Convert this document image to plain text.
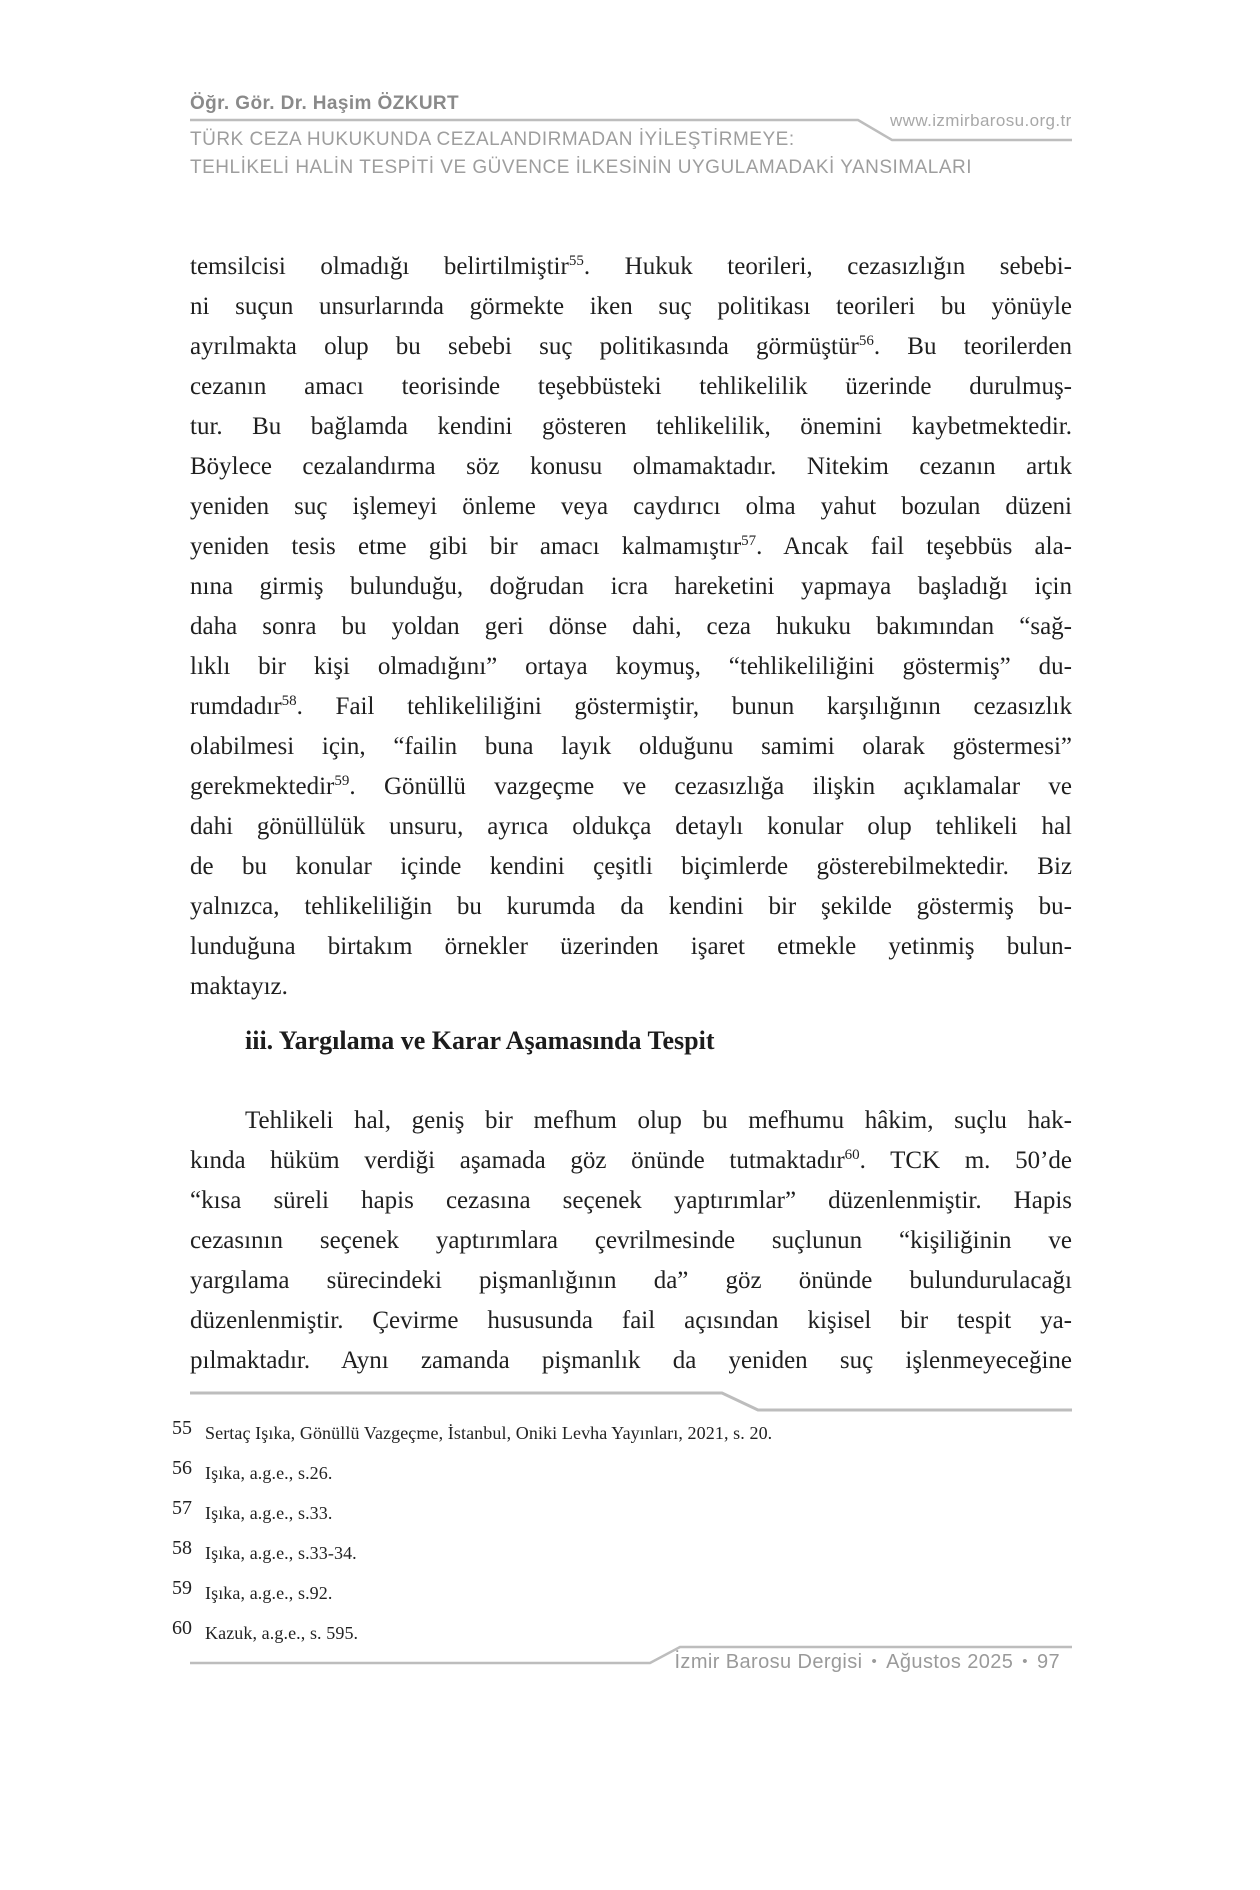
Öğr. Gör. Dr. Haşim ÖZKURT
www.izmirbarosu.org.tr
TÜRK CEZA HUKUKUNDA CEZALANDIRMADAN İYİLEŞTİRMEYE:
TEHLİKELİ HALİN TESPİTİ VE GÜVENCE İLKESİNİN UYGULAMADAKİ YANSIMALARI
temsilcisi olmadığı belirtilmiştir$^{55}$. Hukuk teorileri, cezasızlığın sebebi-
ni suçun unsurlarında görmekte iken suç politikası teorileri bu yönüyle
ayrılmakta olup bu sebebi suç politikasında görmüştür$^{56}$. Bu teorilerden
cezanın amacı teorisinde teşebbüsteki tehlikelilik üzerinde durulmuş-
tur. Bu bağlamda kendini gösteren tehlikelilik, önemini kaybetmektedir.
Böylece cezalandırma söz konusu olmamaktadır. Nitekim cezanın artık
yeniden suç işlemeyi önleme veya caydırıcı olma yahut bozulan düzeni
yeniden tesis etme gibi bir amacı kalmamıştır$^{57}$. Ancak fail teşebbüs ala-
nına girmiş bulunduğu, doğrudan icra hareketini yapmaya başladığı için
daha sonra bu yoldan geri dönse dahi, ceza hukuku bakımından “sağ-
lıklı bir kişi olmadığını” ortaya koymuş, “tehlikeliliğini göstermiş” du-
rumdadır$^{58}$. Fail tehlikeliliğini göstermiştir, bunun karşılığının cezasızlık
olabilmesi için, “failin buna layık olduğunu samimi olarak göstermesi”
gerekmektedir$^{59}$. Gönüllü vazgeçme ve cezasızlığa ilişkin açıklamalar ve
dahi gönüllülük unsuru, ayrıca oldukça detaylı konular olup tehlikeli hal
de bu konular içinde kendini çeşitli biçimlerde gösterebilmektedir. Biz
yalnızca, tehlikeliliğin bu kurumda da kendini bir şekilde göstermiş bu-
lunduğuna birtakım örnekler üzerinden işaret etmekle yetinmiş bulun-
maktayız.
iii. Yargılama ve Karar Aşamasında Tespit
Tehlikeli hal, geniş bir mefhum olup bu mefhumu hâkim, suçlu hak-
kında hüküm verdiği aşamada göz önünde tutmaktadır$^{60}$. TCK m. 50’de
“kısa süreli hapis cezasına seçenek yaptırımlar” düzenlenmiştir. Hapis
cezasının seçenek yaptırımlara çevrilmesinde suçlunun “kişiliğinin ve
yargılama sürecindeki pişmanlığının da” göz önünde bulundurulacağı
düzenlenmiştir. Çevirme hususunda fail açısından kişisel bir tespit ya-
pılmaktadır. Aynı zamanda pişmanlık da yeniden suç işlenmeyeceğine
55 Sertaç Işıka, Gönüllü Vazgeçme, İstanbul, Oniki Levha Yayınları, 2021, s. 20.
56 Işıka, a.g.e., s.26.
57 Işıka, a.g.e., s.33.
58 Işıka, a.g.e., s.33-34.
59 Işıka, a.g.e., s.92.
60 Kazuk, a.g.e., s. 595.
İzmir Barosu Dergisi • Ağustos 2025 • 97
